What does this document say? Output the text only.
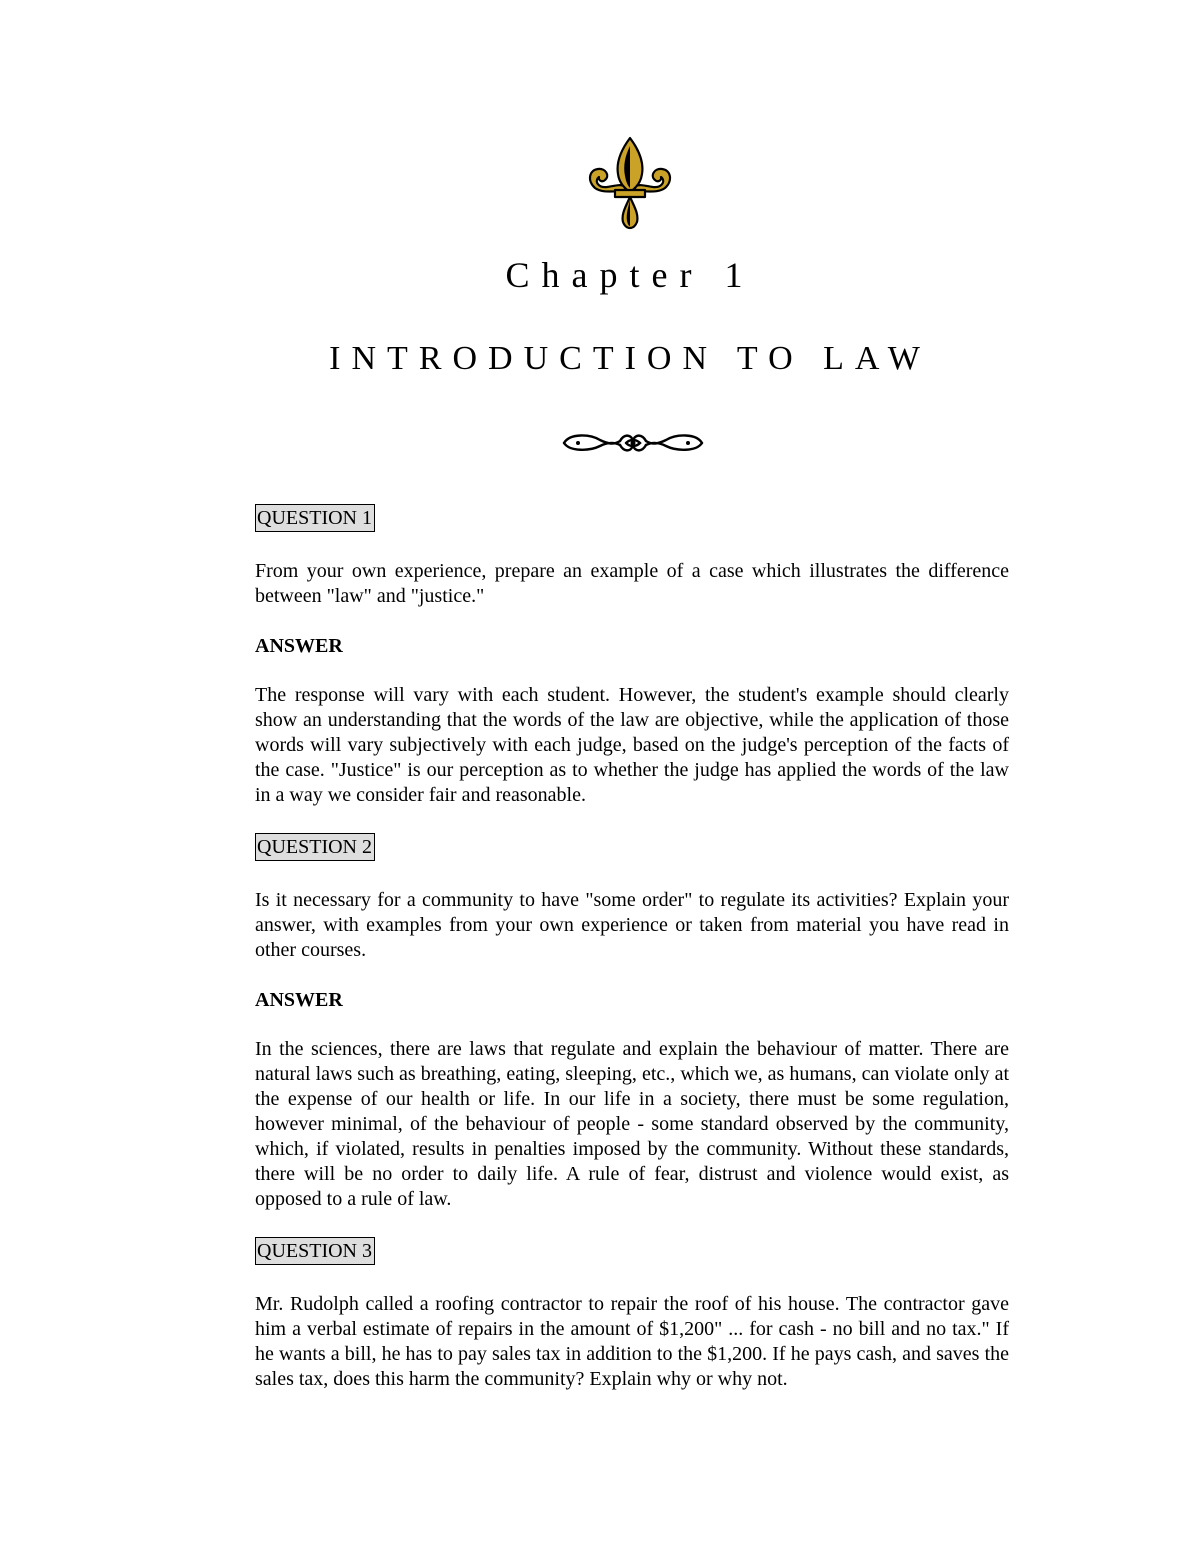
Chapter 1
INTRODUCTION TO LAW
QUESTION 1

From your own experience, prepare an example of a case which illustrates the difference between "law" and "justice."

ANSWER

The response will vary with each student. However, the student's example should clearly show an understanding that the words of the law are objective, while the application of those words will vary subjectively with each judge, based on the judge's perception of the facts of the case. "Justice" is our perception as to whether the judge has applied the words of the law in a way we consider fair and reasonable.

QUESTION 2

Is it necessary for a community to have "some order" to regulate its activities? Explain your answer, with examples from your own experience or taken from material you have read in other courses.

ANSWER

In the sciences, there are laws that regulate and explain the behaviour of matter. There are natural laws such as breathing, eating, sleeping, etc., which we, as humans, can violate only at the expense of our health or life. In our life in a society, there must be some regulation, however minimal, of the behaviour of people - some standard observed by the community, which, if violated, results in penalties imposed by the community. Without these standards, there will be no order to daily life. A rule of fear, distrust and violence would exist, as opposed to a rule of law.

QUESTION 3

Mr. Rudolph called a roofing contractor to repair the roof of his house. The contractor gave him a verbal estimate of repairs in the amount of $1,200" ... for cash - no bill and no tax." If he wants a bill, he has to pay sales tax in addition to the $1,200. If he pays cash, and saves the sales tax, does this harm the community? Explain why or why not.
